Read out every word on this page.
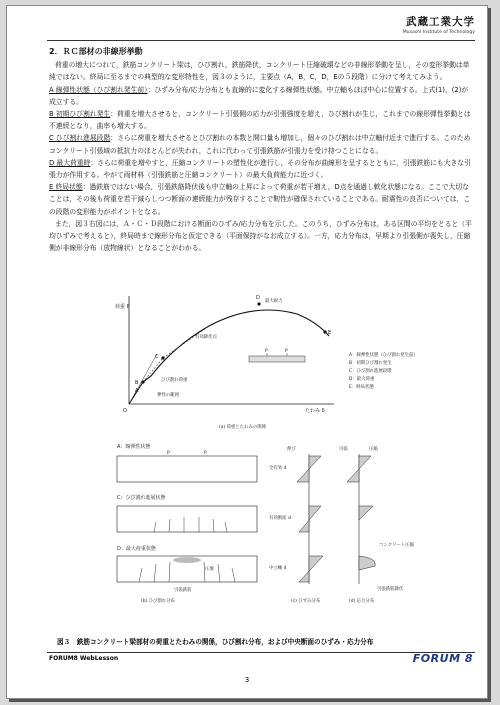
武蔵工業大学
Musashi Institute of Technology
2．ＲＣ部材の非線形挙動

荷重の増大につれて，鉄筋コンクリート梁は，ひび割れ，鉄筋降伏，コンクリート圧縮破壊などの非線形挙動を呈し，その変形挙動は単純ではない。終局に至るまでの典型的な変形特性を，図３のように，主要点（A，B，C，D，Eの５段階）に分けて考えてみよう。

A 線弾性状態（ひび割れ発生前）：ひずみ分布/応力分布とも直線的に変化する線弾性状態。中立軸もほぼ中心に位置する。上式(1)，(2)が成立する。

B 初期ひび割れ発生：荷重を増大させると，コンクリート引張側の応力が引張強度を超え，ひび割れが生じ，これまでの線形弾性挙動とは不連続となり，曲率も増大する。

C ひび割れ進展段階：さらに荷重を増大させるとひび割れの本数と開口量も増加し，個々のひび割れは中立軸付近まで進行する。このためコンクリート引張域の抵抗力のほとんどが失われ，これに代わって引張鉄筋が引張力を受け持つことになる。

D 最大荷重時：さらに荷重を増やすと，圧縮コンクリートの塑性化が進行し，その分布が曲線形を呈するとともに，引張鉄筋にも大きな引張力が作用する。やがて両材料（引張鉄筋と圧縮コンクリート）の最大負荷能力に近づく。

E 終局状態：過鉄筋ではない場合，引張鉄筋降伏後も中立軸の上昇によって荷重が若干増え，D点を通過し軟化状態になる。ここで大切なことは，その後も荷重を若干減らしつつ断面の連続能力が残存することで靭性が確保されていることである。耐震性の良否については，この段階の変形能力がポイントとなる。

また，図３右図には，Ａ・Ｃ・Ｄ段階における断面のひずみ/応力分布を示した。このうち，ひずみ分布は，ある区間の平均をとると（平均ひずみで考えると），終局時まで線形分布と仮定できる（平面保持がなお成立する）。一方，応力分布は，早期より引張側が喪失し，圧縮側が非線形分布（放物線状）となることがわかる。

荷重 P
たわみ δ
O
A
B
C
D
E
最大耐力
有効降伏点
ひび割れ荷重
弾性の範囲
P	P
A：線弾性状態（ひび割れ発生前）
B：初期ひび割れ発生
C：ひび割れ進展段階
D：最大荷重
E：終局状態
(a) 荷重とたわみの関係
A：線弾性状態
C：ひび割れ進展状態
D：最大荷重状態
圧壊
引張鉄筋
P	P
(b) ひび割れ分布
伸び	引張	圧縮
全有効 d
有効断面 d
中立軸 d
コンクリート圧縮
引張鉄筋降伏
(c) ひずみ分布	(d) 応力分布
図３　鉄筋コンクリート梁部材の荷重とたわみの関係，ひび割れ分布，および中央断面のひずみ・応力分布
FORUM8 WebLesson	FORUM 8
3
